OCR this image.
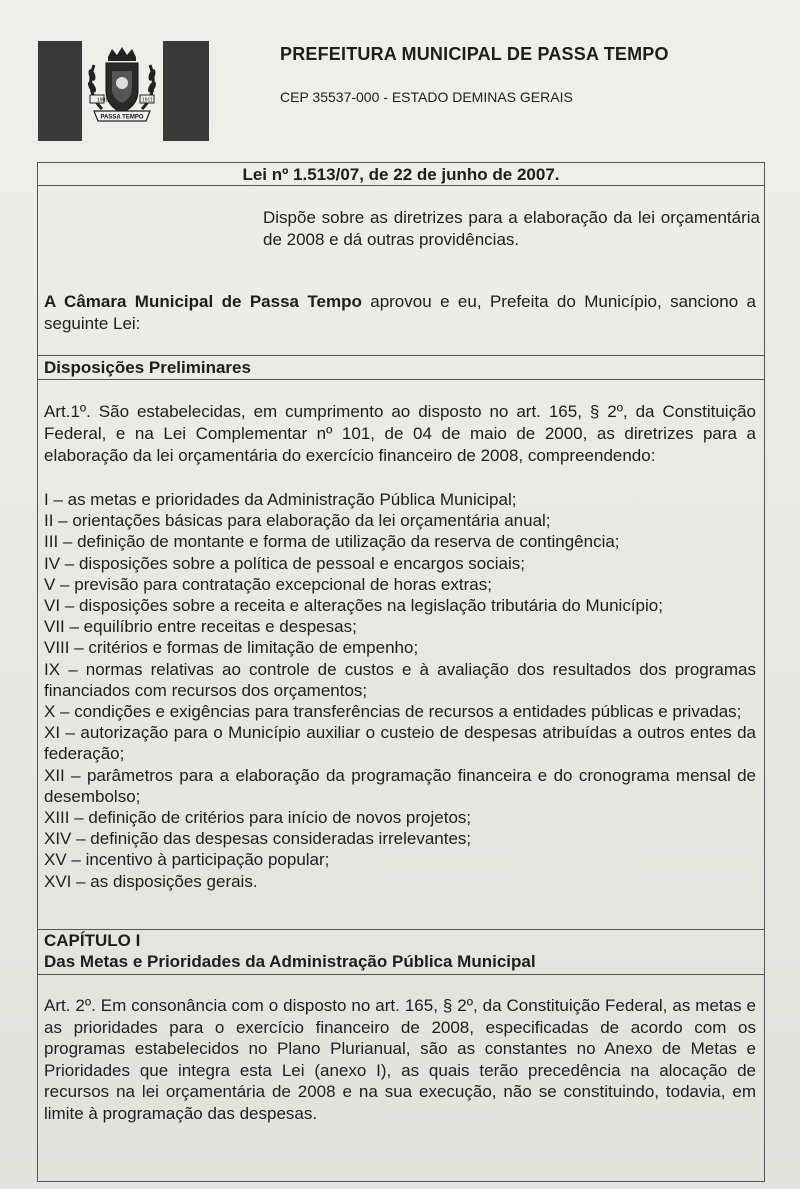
1901	1911
PASSA TEMPO
PREFEITURA MUNICIPAL DE PASSA TEMPO
CEP 35537-000 - ESTADO DEMINAS GERAIS
Lei nº 1.513/07, de 22 de junho de 2007.
Dispõe sobre as diretrizes para a elaboração da lei orçamentária de 2008 e dá outras providências.
A Câmara Municipal de Passa Tempo aprovou e eu, Prefeita do Município, sanciono a seguinte Lei:
Disposições Preliminares
Art.1º. São estabelecidas, em cumprimento ao disposto no art. 165, § 2º, da Constituição Federal, e na Lei Complementar nº 101, de 04 de maio de 2000, as diretrizes para a elaboração da lei orçamentária do exercício financeiro de 2008, compreendendo:
I – as metas e prioridades da Administração Pública Municipal;
II – orientações básicas para elaboração da lei orçamentária anual;
III – definição de montante e forma de utilização da reserva de contingência;
IV – disposições sobre a política de pessoal e encargos sociais;
V – previsão para contratação excepcional de horas extras;
VI – disposições sobre a receita e alterações na legislação tributária do Município;
VII – equilíbrio entre receitas e despesas;
VIII – critérios e formas de limitação de empenho;
IX – normas relativas ao controle de custos e à avaliação dos resultados dos programas financiados com recursos dos orçamentos;
X – condições e exigências para transferências de recursos a entidades públicas e privadas;
XI – autorização para o Município auxiliar o custeio de despesas atribuídas a outros entes da federação;
XII – parâmetros para a elaboração da programação financeira e do cronograma mensal de desembolso;
XIII – definição de critérios para início de novos projetos;
XIV – definição das despesas consideradas irrelevantes;
XV – incentivo à participação popular;
XVI – as disposições gerais.
CAPÍTULO I
Das Metas e Prioridades da Administração Pública Municipal
Art. 2º. Em consonância com o disposto no art. 165, § 2º, da Constituição Federal, as metas e as prioridades para o exercício financeiro de 2008, especificadas de acordo com os programas estabelecidos no Plano Plurianual, são as constantes no Anexo de Metas e Prioridades que integra esta Lei (anexo I), as quais terão precedência na alocação de recursos na lei orçamentária de 2008 e na sua execução, não se constituindo, todavia, em limite à programação das despesas.
